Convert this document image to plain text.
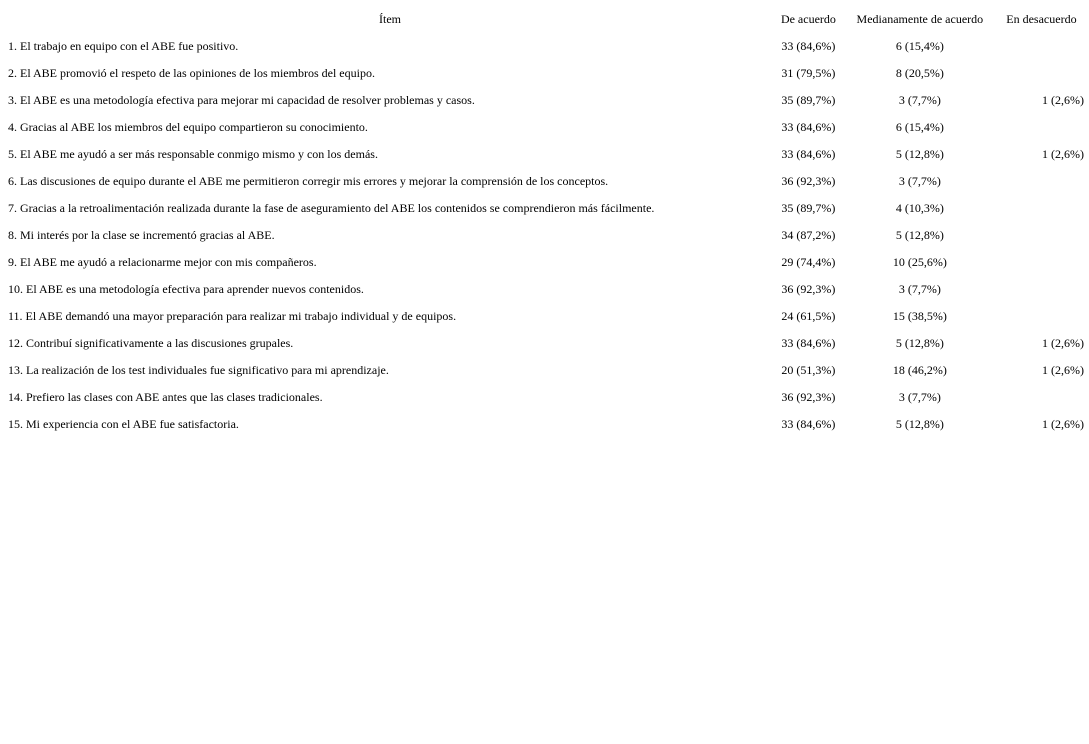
Ítem	De acuerdo	Medianamente de acuerdo	En desacuerdo
1. El trabajo en equipo con el ABE fue positivo.	33 (84,6%)	6 (15,4%)	
2. El ABE promovió el respeto de las opiniones de los miembros del equipo.	31 (79,5%)	8 (20,5%)	
3. El ABE es una metodología efectiva para mejorar mi capacidad de resolver problemas y casos.	35 (89,7%)	3 (7,7%)	1 (2,6%)
4. Gracias al ABE los miembros del equipo compartieron su conocimiento.	33 (84,6%)	6 (15,4%)	
5. El ABE me ayudó a ser más responsable conmigo mismo y con los demás.	33 (84,6%)	5 (12,8%)	1 (2,6%)
6. Las discusiones de equipo durante el ABE me permitieron corregir mis errores y mejorar la comprensión de los conceptos.	36 (92,3%)	3 (7,7%)	
7. Gracias a la retroalimentación realizada durante la fase de aseguramiento del ABE los contenidos se comprendieron más fácilmente.	35 (89,7%)	4 (10,3%)	
8. Mi interés por la clase se incrementó gracias al ABE.	34 (87,2%)	5 (12,8%)	
9. El ABE me ayudó a relacionarme mejor con mis compañeros.	29 (74,4%)	10 (25,6%)	
10. El ABE es una metodología efectiva para aprender nuevos contenidos.	36 (92,3%)	3 (7,7%)	
11. El ABE demandó una mayor preparación para realizar mi trabajo individual y de equipos.	24 (61,5%)	15 (38,5%)	
12. Contribuí significativamente a las discusiones grupales.	33 (84,6%)	5 (12,8%)	1 (2,6%)
13. La realización de los test individuales fue significativo para mi aprendizaje.	20 (51,3%)	18 (46,2%)	1 (2,6%)
14. Prefiero las clases con ABE antes que las clases tradicionales.	36 (92,3%)	3 (7,7%)	
15. Mi experiencia con el ABE fue satisfactoria.	33 (84,6%)	5 (12,8%)	1 (2,6%)
